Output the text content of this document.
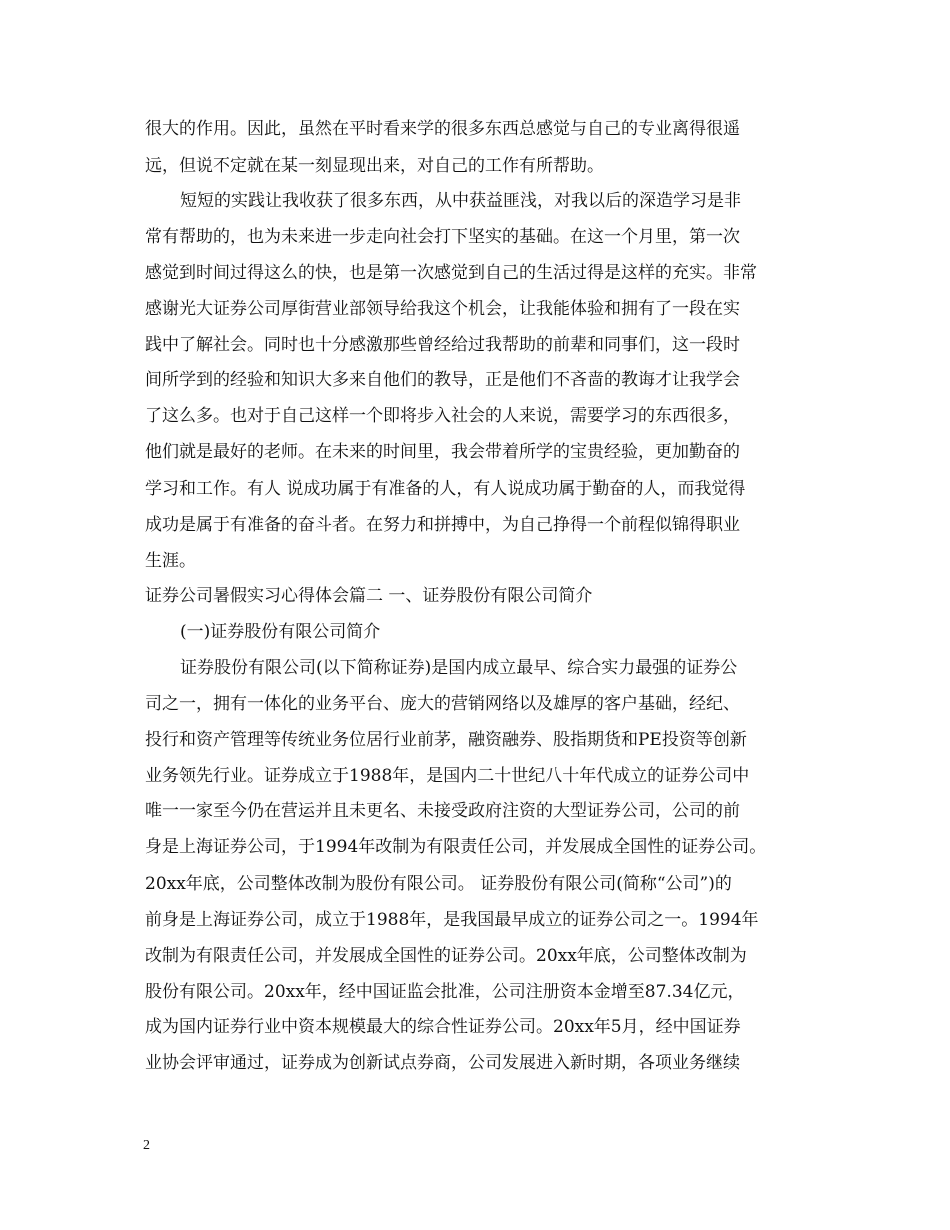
很大的作用。因此，虽然在平时看来学的很多东西总感觉与自己的专业离得很遥
远，但说不定就在某一刻显现出来，对自己的工作有所帮助。
短短的实践让我收获了很多东西，从中获益匪浅，对我以后的深造学习是非
常有帮助的，也为未来进一步走向社会打下坚实的基础。在这一个月里，第一次
感觉到时间过得这么的快，也是第一次感觉到自己的生活过得是这样的充实。非常
感谢光大证券公司厚街营业部领导给我这个机会，让我能体验和拥有了一段在实
践中了解社会。同时也十分感激那些曾经给过我帮助的前辈和同事们，这一段时
间所学到的经验和知识大多来自他们的教导，正是他们不吝啬的教诲才让我学会
了这么多。也对于自己这样一个即将步入社会的人来说，需要学习的东西很多，
他们就是最好的老师。在未来的时间里，我会带着所学的宝贵经验，更加勤奋的
学习和工作。有人 说成功属于有准备的人，有人说成功属于勤奋的人，而我觉得
成功是属于有准备的奋斗者。在努力和拼搏中，为自己挣得一个前程似锦得职业
生涯。
证券公司暑假实习心得体会篇二 一、证券股份有限公司简介
(一)证券股份有限公司简介
证券股份有限公司(以下简称证券)是国内成立最早、综合实力最强的证券公
司之一，拥有一体化的业务平台、庞大的营销网络以及雄厚的客户基础，经纪、
投行和资产管理等传统业务位居行业前茅，融资融券、股指期货和PE投资等创新
业务领先行业。证券成立于1988年，是国内二十世纪八十年代成立的证券公司中
唯一一家至今仍在营运并且未更名、未接受政府注资的大型证券公司，公司的前
身是上海证券公司，于1994年改制为有限责任公司，并发展成全国性的证券公司。
20xx年底，公司整体改制为股份有限公司。 证券股份有限公司(简称“公司”)的
前身是上海证券公司，成立于1988年，是我国最早成立的证券公司之一。1994年
改制为有限责任公司，并发展成全国性的证券公司。20xx年底，公司整体改制为
股份有限公司。20xx年，经中国证监会批准，公司注册资本金增至87.34亿元，
成为国内证券行业中资本规模最大的综合性证券公司。20xx年5月，经中国证券
业协会评审通过，证券成为创新试点券商，公司发展进入新时期，各项业务继续
2
